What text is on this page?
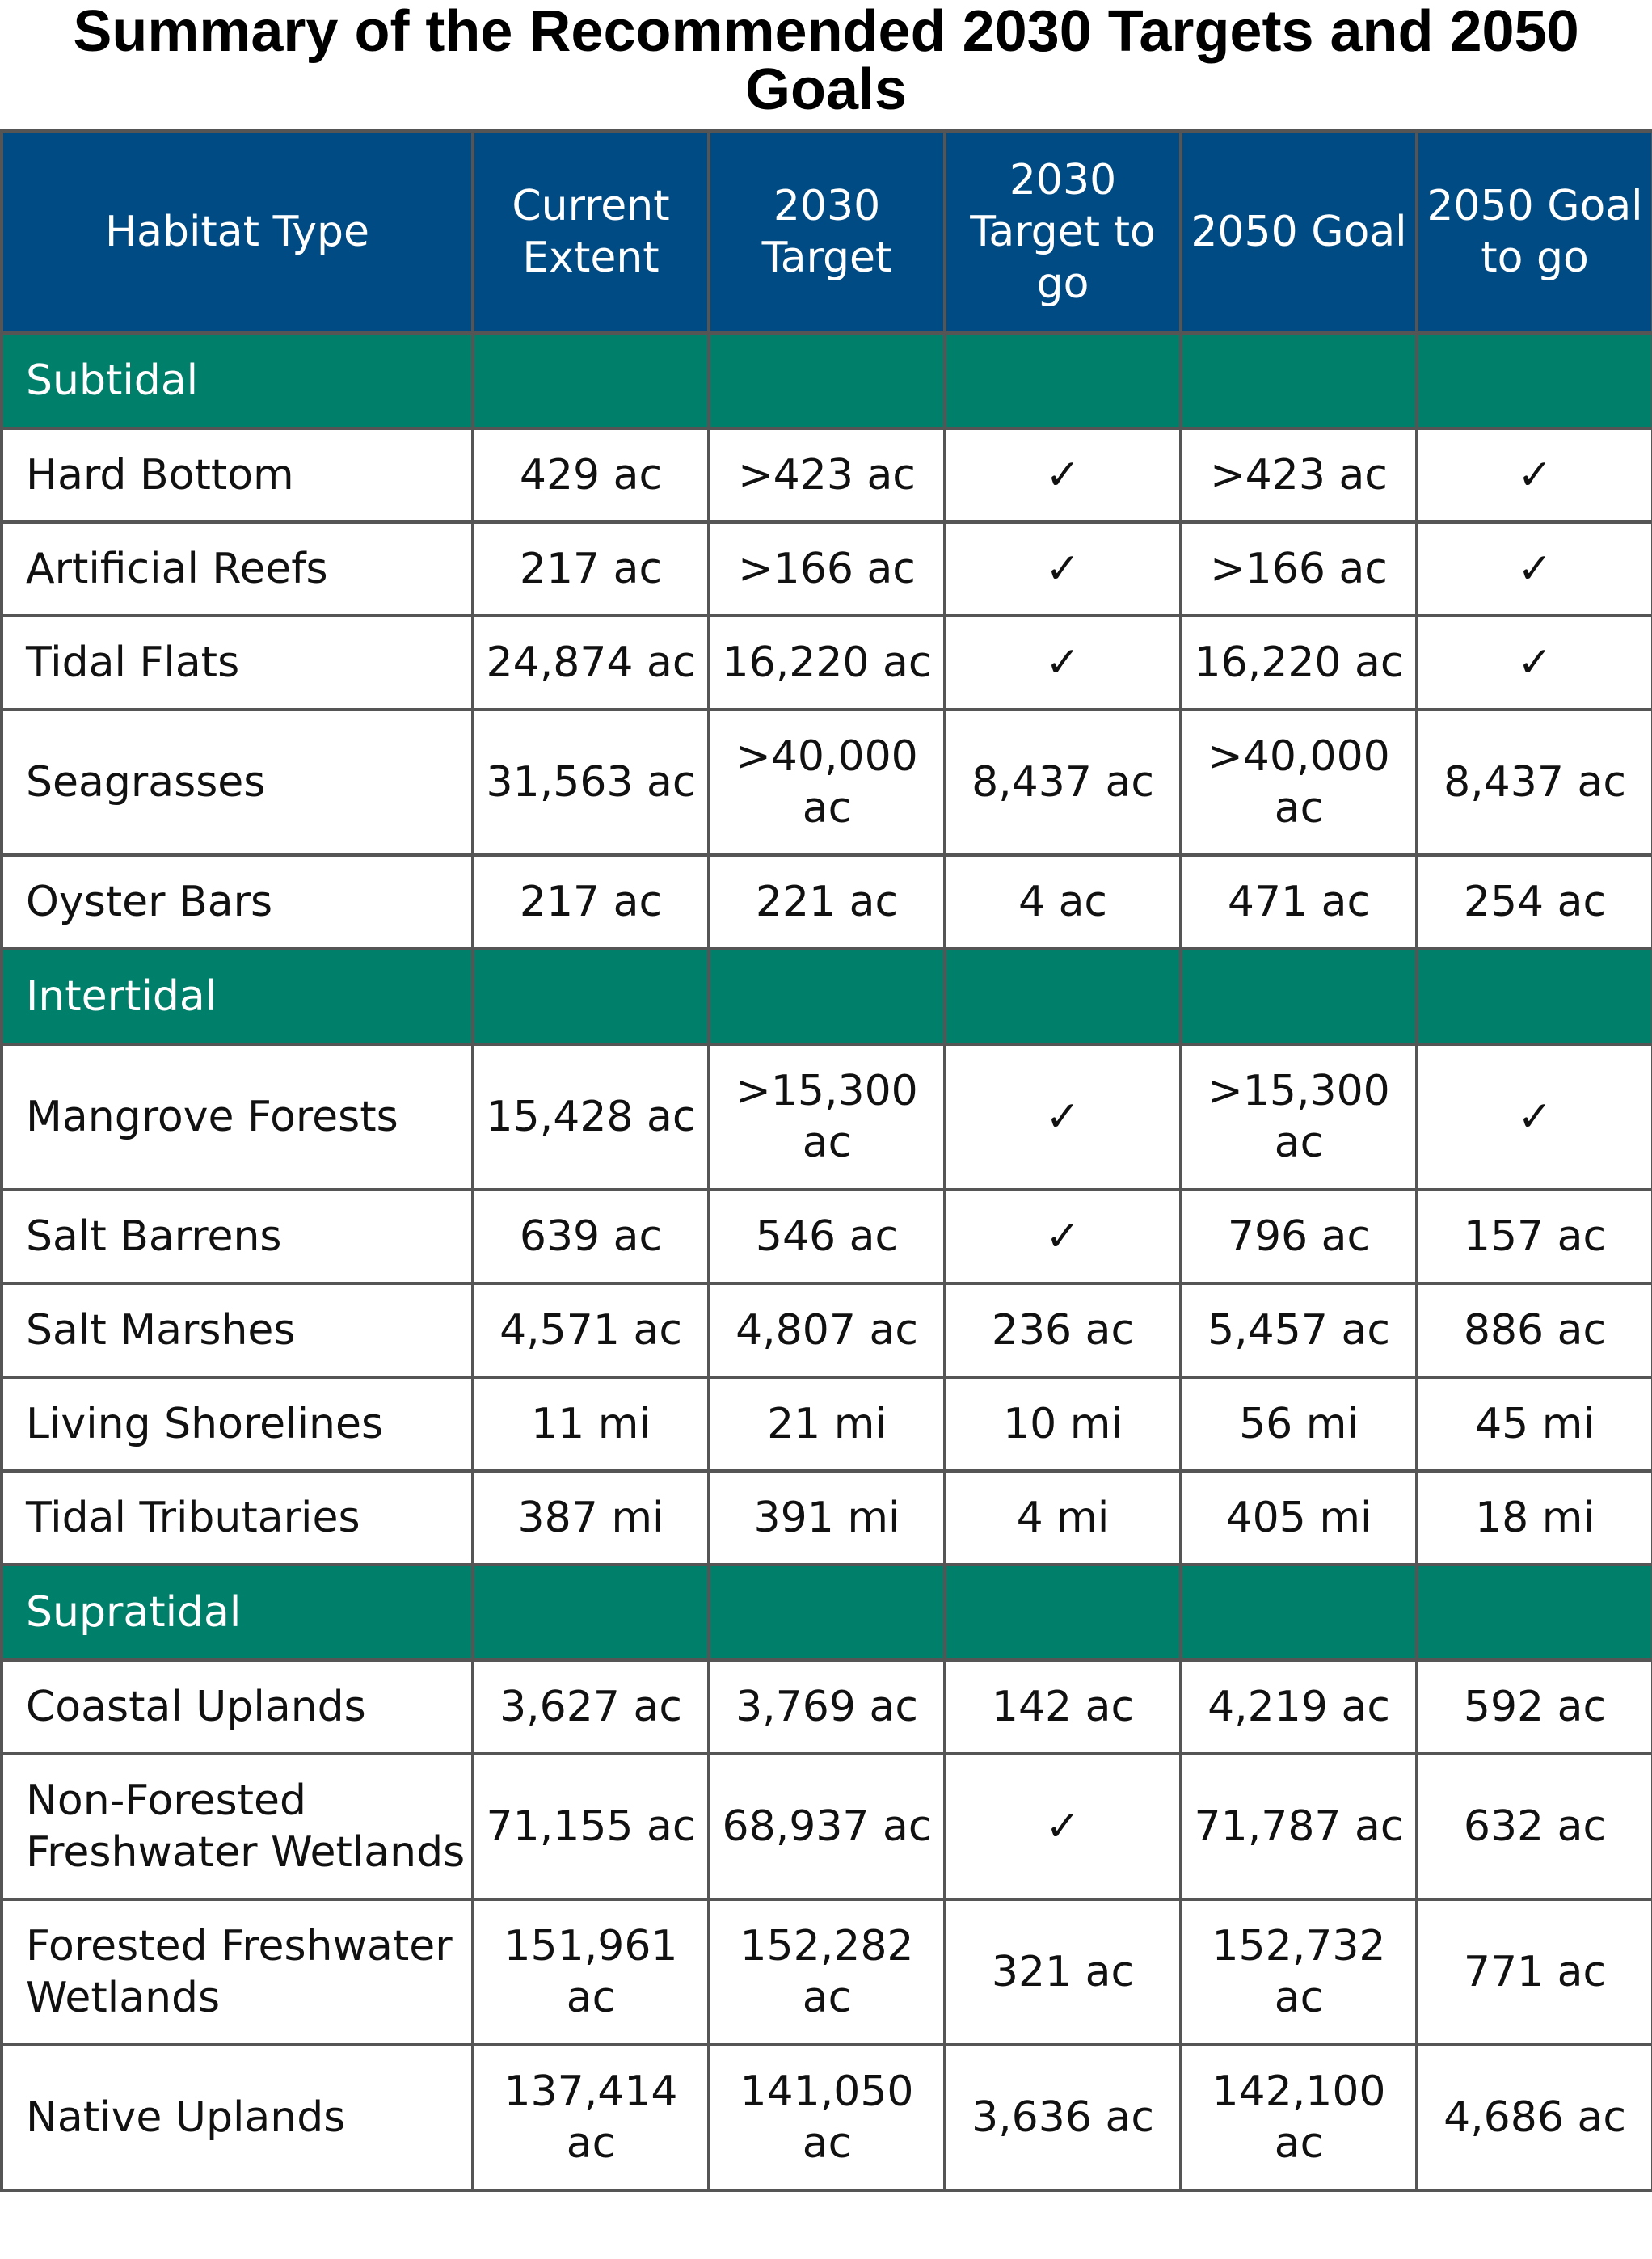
Summary of the Recommended 2030 Targets and 2050 Goals
Habitat Type	Current Extent	2030 Target	2030 Target to go	2050 Goal	2050 Goal to go
Subtidal					
Hard Bottom	429 ac	>423 ac	✓	>423 ac	✓
Artificial Reefs	217 ac	>166 ac	✓	>166 ac	✓
Tidal Flats	24,874 ac	16,220 ac	✓	16,220 ac	✓
Seagrasses	31,563 ac	>40,000 ac	8,437 ac	>40,000 ac	8,437 ac
Oyster Bars	217 ac	221 ac	4 ac	471 ac	254 ac
Intertidal					
Mangrove Forests	15,428 ac	>15,300 ac	✓	>15,300 ac	✓
Salt Barrens	639 ac	546 ac	✓	796 ac	157 ac
Salt Marshes	4,571 ac	4,807 ac	236 ac	5,457 ac	886 ac
Living Shorelines	11 mi	21 mi	10 mi	56 mi	45 mi
Tidal Tributaries	387 mi	391 mi	4 mi	405 mi	18 mi
Supratidal					
Coastal Uplands	3,627 ac	3,769 ac	142 ac	4,219 ac	592 ac
Non-Forested Freshwater Wetlands	71,155 ac	68,937 ac	✓	71,787 ac	632 ac
Forested Freshwater Wetlands	151,961 ac	152,282 ac	321 ac	152,732 ac	771 ac
Native Uplands	137,414 ac	141,050 ac	3,636 ac	142,100 ac	4,686 ac
